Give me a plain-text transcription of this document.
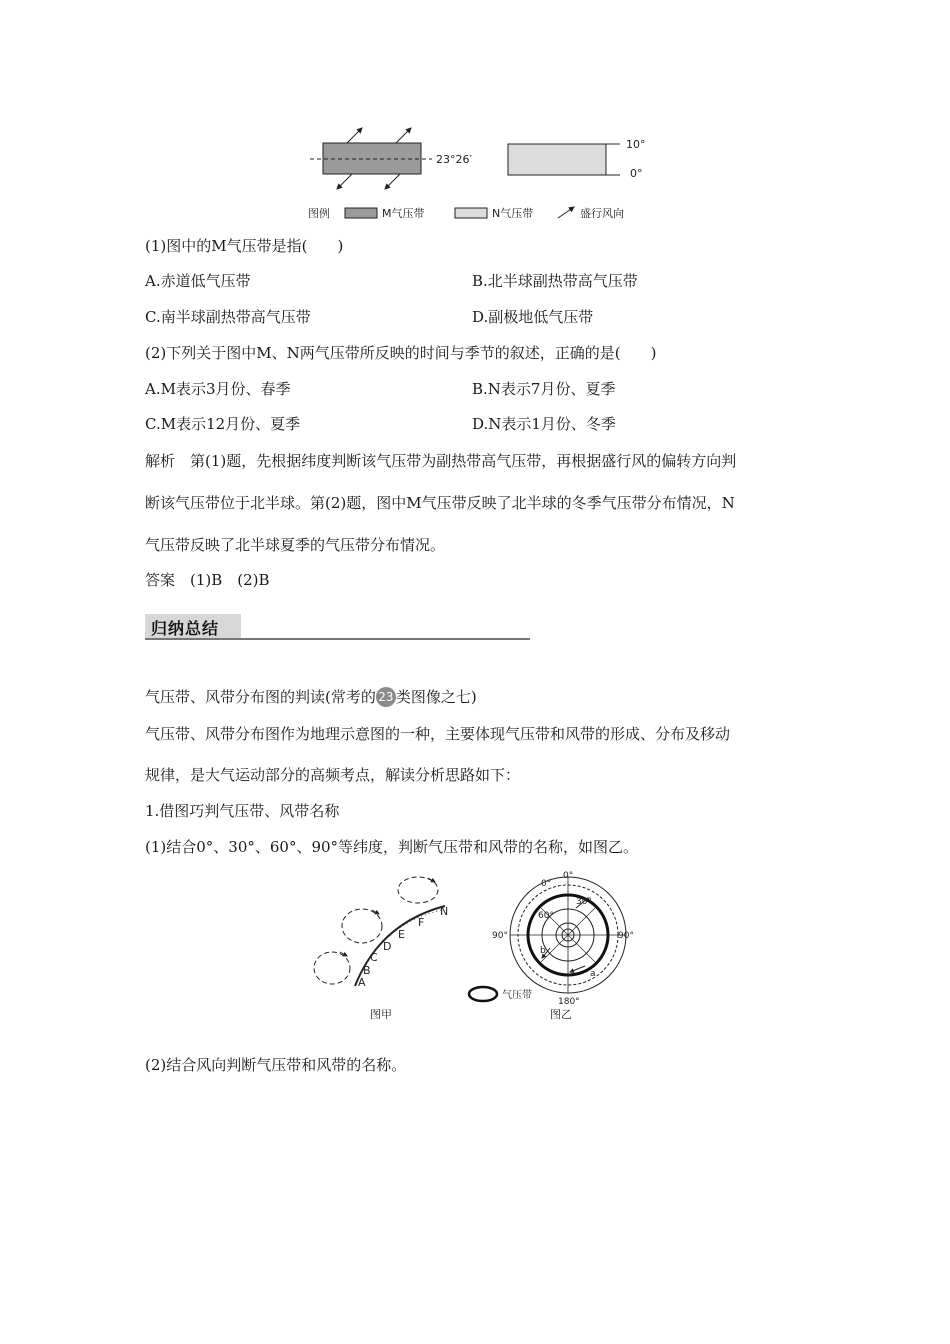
23°26′
10°
0°
图例	M气压带	N气压带	盛行风向
(1)图中的M气压带是指(　　)
A.赤道低气压带	B.北半球副热带高气压带
C.南半球副热带高气压带	D.副极地低气压带
(2)下列关于图中M、N两气压带所反映的时间与季节的叙述，正确的是(　　)
A.M表示3月份、春季	B.N表示7月份、夏季
C.M表示12月份、夏季	D.N表示1月份、冬季
解析　第(1)题，先根据纬度判断该气压带为副热带高气压带，再根据盛行风的偏转方向判
断该气压带位于北半球。第(2)题，图中M气压带反映了北半球的冬季气压带分布情况，N
气压带反映了北半球夏季的气压带分布情况。
答案　(1)B　(2)B
归纳总结
气压带、风带分布图的判读(常考的 23 类图像之七)
气压带、风带分布图作为地理示意图的一种，主要体现气压带和风带的形成、分布及移动
规律，是大气运动部分的高频考点，解读分析思路如下：
1.借图巧判气压带、风带名称
(1)结合0°、30°、60°、90°等纬度，判断气压带和风带的名称，如图乙。
A
B
C
D
E
F
N
图甲
0°
0°
30°
60°
90°	90°
180°
a
b
气压带
图乙
(2)结合风向判断气压带和风带的名称。
